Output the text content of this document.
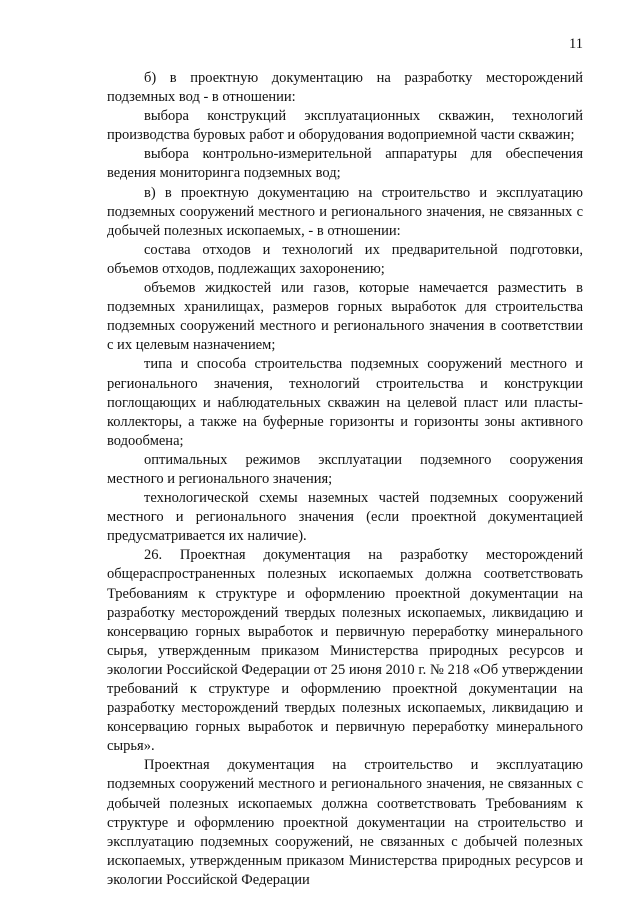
11

б) в проектную документацию на разработку месторождений подземных вод - в отношении:

выбора конструкций эксплуатационных скважин, технологий производства буровых работ и оборудования водоприемной части скважин;

выбора контрольно-измерительной аппаратуры для обеспечения ведения мониторинга подземных вод;

в) в проектную документацию на строительство и эксплуатацию подземных сооружений местного и регионального значения, не связанных с добычей полезных ископаемых, - в отношении:

состава отходов и технологий их предварительной подготовки, объемов отходов, подлежащих захоронению;

объемов жидкостей или газов, которые намечается разместить в подземных хранилищах, размеров горных выработок для строительства подземных сооружений местного и регионального значения в соответствии с их целевым назначением;

типа и способа строительства подземных сооружений местного и регионального значения, технологий строительства и конструкции поглощающих и наблюдательных скважин на целевой пласт или пласты-коллекторы, а также на буферные горизонты и горизонты зоны активного водообмена;

оптимальных режимов эксплуатации подземного сооружения местного и регионального значения;

технологической схемы наземных частей подземных сооружений местного и регионального значения (если проектной документацией предусматривается их наличие).

26. Проектная документация на разработку месторождений общераспространенных полезных ископаемых должна соответствовать Требованиям к структуре и оформлению проектной документации на разработку месторождений твердых полезных ископаемых, ликвидацию и консервацию горных выработок и первичную переработку минерального сырья, утвержденным приказом Министерства природных ресурсов и экологии Российской Федерации от 25 июня 2010 г. № 218 «Об утверждении требований к структуре и оформлению проектной документации на разработку месторождений твердых полезных ископаемых, ликвидацию и консервацию горных выработок и первичную переработку минерального сырья».

Проектная документация на строительство и эксплуатацию подземных сооружений местного и регионального значения, не связанных с добычей полезных ископаемых должна соответствовать Требованиям к структуре и оформлению проектной документации на строительство и эксплуатацию подземных сооружений, не связанных с добычей полезных ископаемых, утвержденным приказом Министерства природных ресурсов и экологии Российской Федерации
